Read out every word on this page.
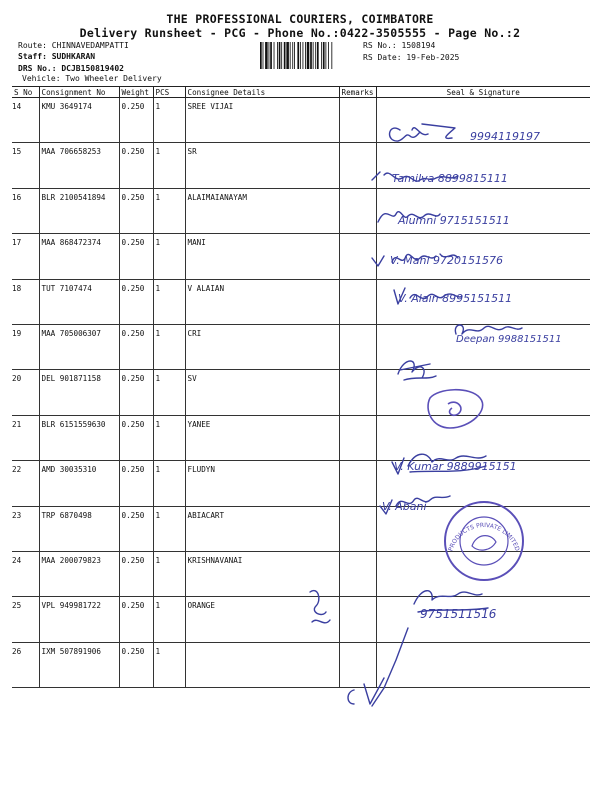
THE PROFESSIONAL COURIERS, COIMBATORE
Delivery Runsheet - PCG - Phone No.:0422-3505555 - Page No.:2
Route: CHINNAVEDAMPATTI
Staff: SUDHKARAN
DRS No.: DCJB150819402
Vehicle: Two Wheeler Delivery
RS No.: 1508194
RS Date: 19-Feb-2025
S No	Consignment No	Weight	PCS	Consignee Details	Remarks	Seal & Signature
14	KMU 3649174	0.250	1	SREE VIJAI		
15	MAA 706658253	0.250	1	SR		
16	BLR 2100541894	0.250	1	ALAIMAIANAYAM		
17	MAA 868472374	0.250	1	MANI		
18	TUT 7107474	0.250	1	V ALAIAN		
19	MAA 705006307	0.250	1	CRI		
20	DEL 901871158	0.250	1	SV		
21	BLR 6151559630	0.250	1	YANEE		
22	AMD 30035310	0.250	1	FLUDYN		
23	TRP 6870498	0.250	1	ABIACART		
24	MAA 200079823	0.250	1	KRISHNAVANAI		
25	VPL 949981722	0.250	1	ORANGE		
26	IXM 507891906	0.250	1			
9994119197
Tamilva 8899815111
Alumni 9715151511
V. Mani 9720151576
V. Alain 8995151511
Deepan 9988151511
V. Kumar 9889915151
V. Abani
9751511516
PRODUCTS PRIVATE LIMITED
